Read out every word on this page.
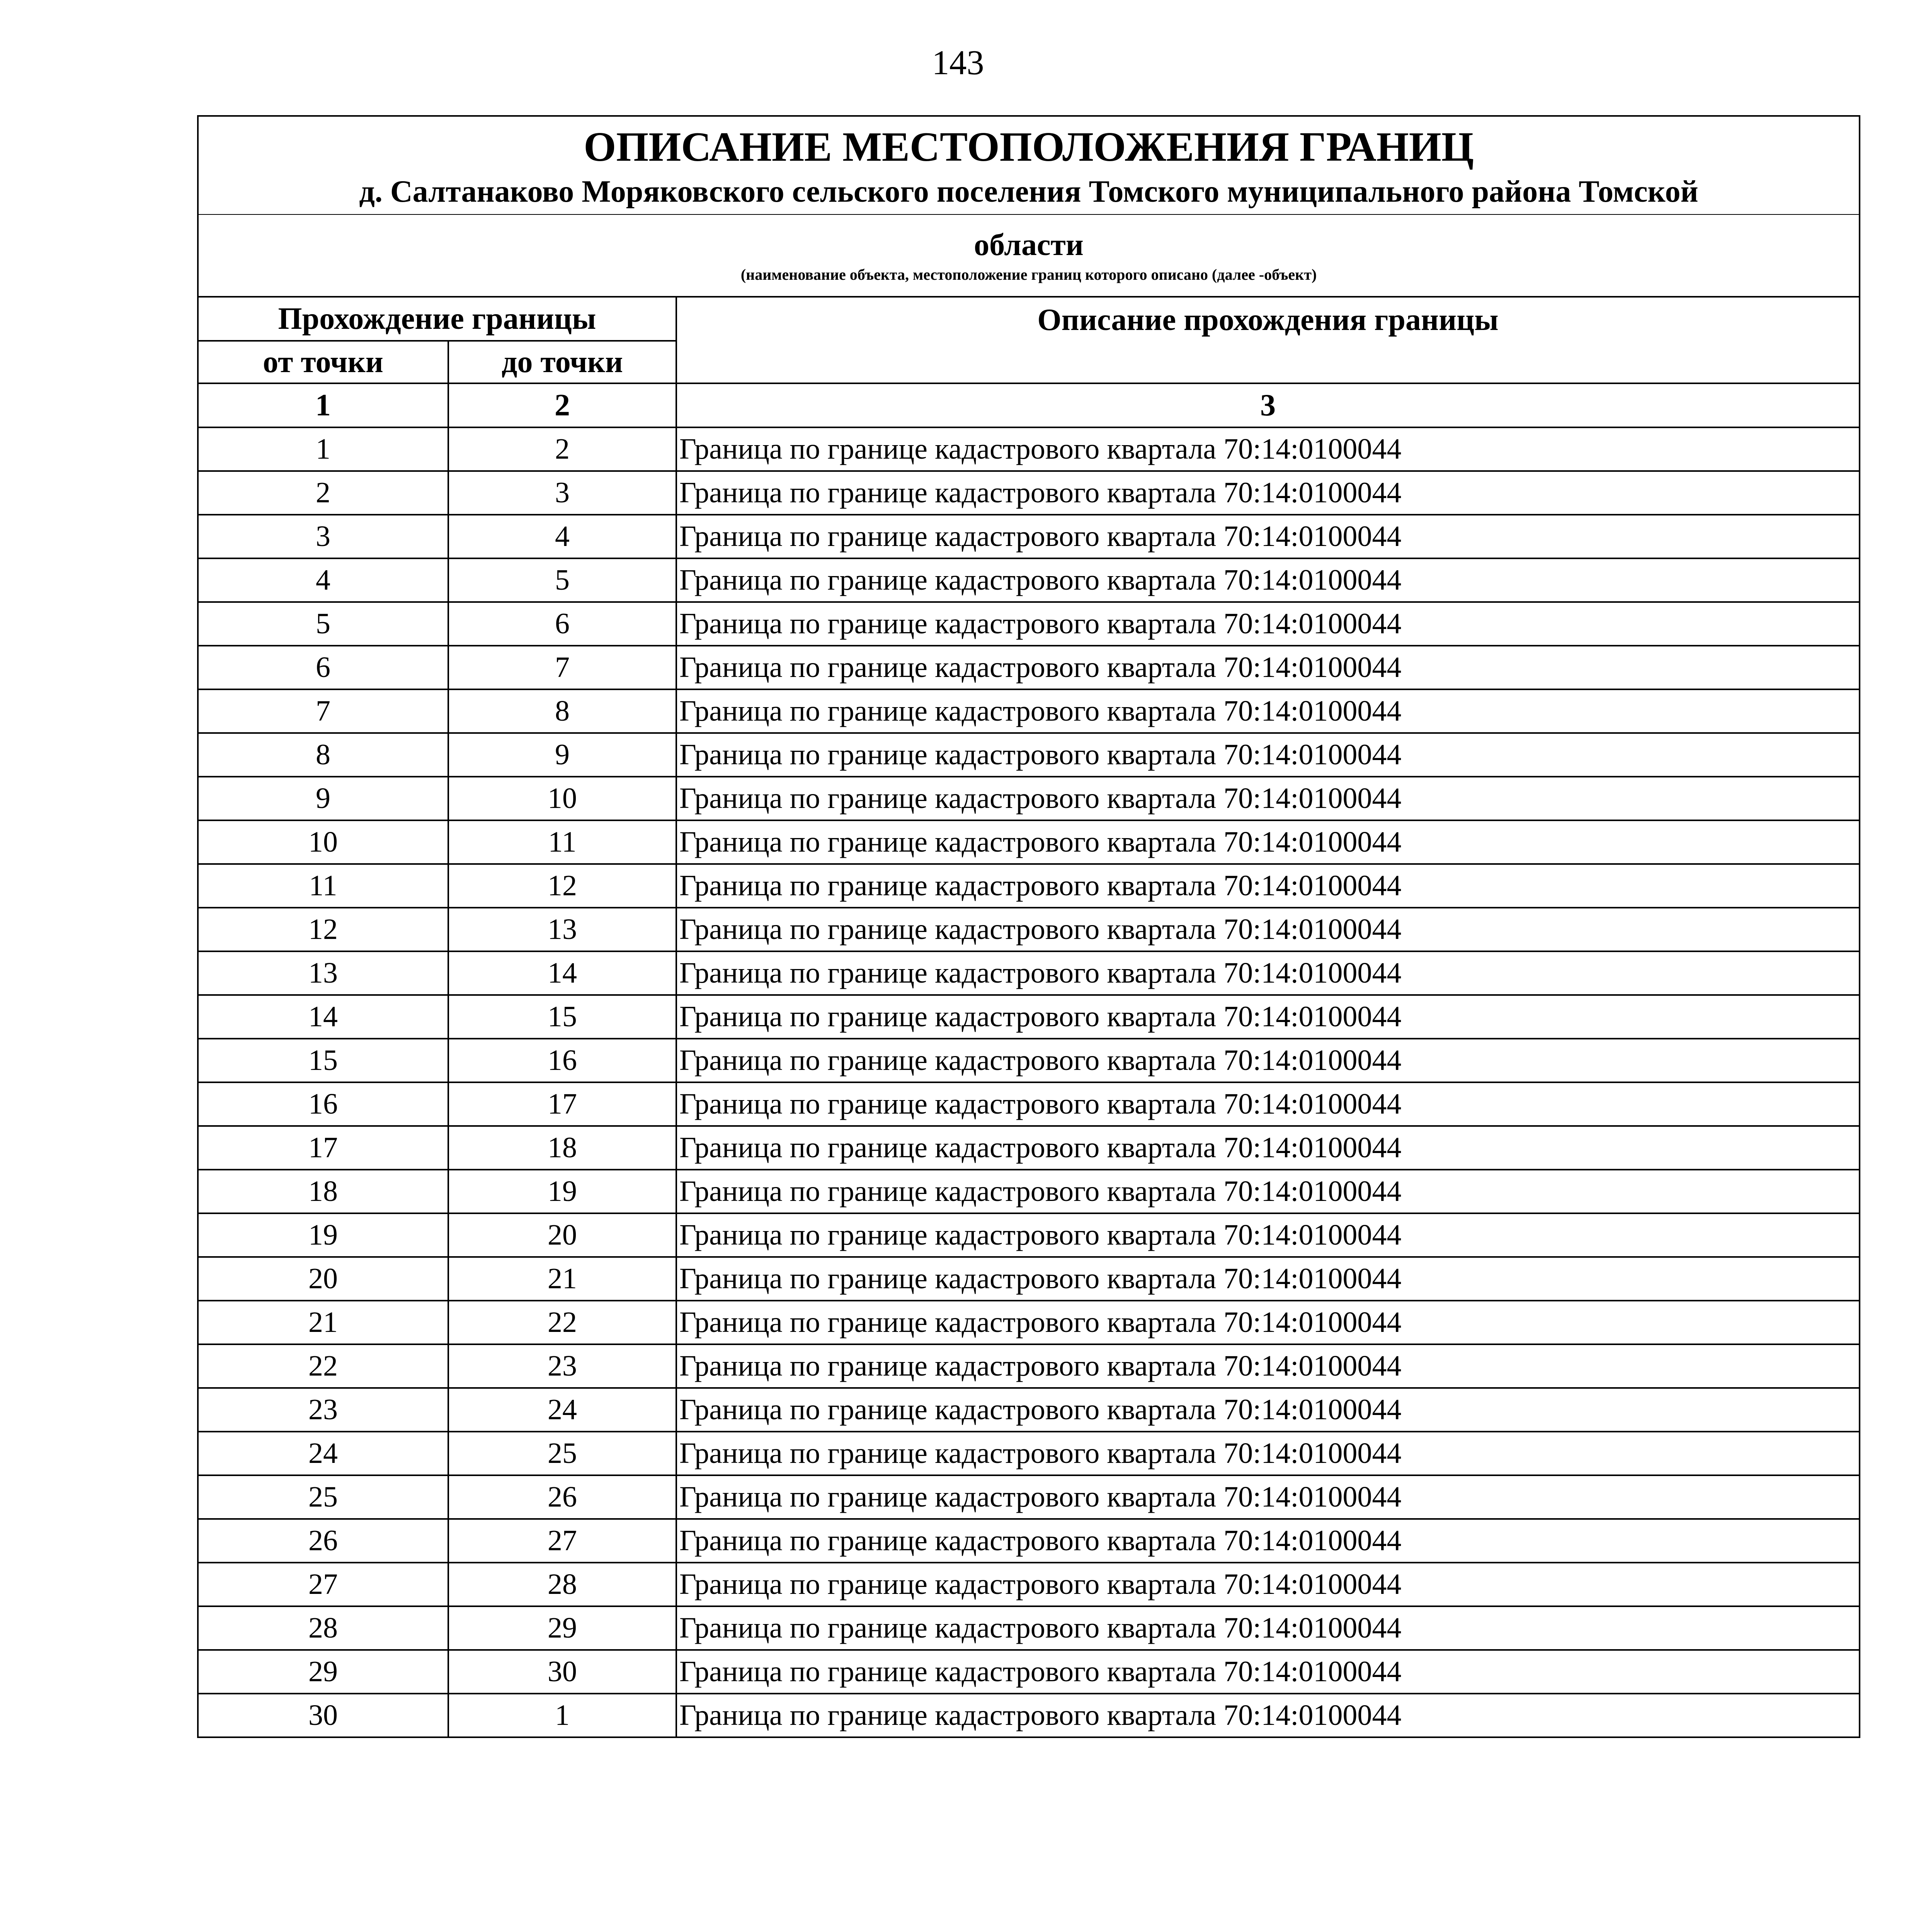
143
ОПИСАНИЕ МЕСТОПОЛОЖЕНИЯ ГРАНИЦ
д. Салтанаково Моряковского сельского поселения Томского муниципального района Томской		

области
(наименование объекта, местоположение границ которого описано (далее -объект)		

Прохождение границы		Описание прохождения границы
от точки	до точки	
1	2	3
1	2	Граница по границе кадастрового квартала 70:14:0100044
2	3	Граница по границе кадастрового квартала 70:14:0100044
3	4	Граница по границе кадастрового квартала 70:14:0100044
4	5	Граница по границе кадастрового квартала 70:14:0100044
5	6	Граница по границе кадастрового квартала 70:14:0100044
6	7	Граница по границе кадастрового квартала 70:14:0100044
7	8	Граница по границе кадастрового квартала 70:14:0100044
8	9	Граница по границе кадастрового квартала 70:14:0100044
9	10	Граница по границе кадастрового квартала 70:14:0100044
10	11	Граница по границе кадастрового квартала 70:14:0100044
11	12	Граница по границе кадастрового квартала 70:14:0100044
12	13	Граница по границе кадастрового квартала 70:14:0100044
13	14	Граница по границе кадастрового квартала 70:14:0100044
14	15	Граница по границе кадастрового квартала 70:14:0100044
15	16	Граница по границе кадастрового квартала 70:14:0100044
16	17	Граница по границе кадастрового квартала 70:14:0100044
17	18	Граница по границе кадастрового квартала 70:14:0100044
18	19	Граница по границе кадастрового квартала 70:14:0100044
19	20	Граница по границе кадастрового квартала 70:14:0100044
20	21	Граница по границе кадастрового квартала 70:14:0100044
21	22	Граница по границе кадастрового квартала 70:14:0100044
22	23	Граница по границе кадастрового квартала 70:14:0100044
23	24	Граница по границе кадастрового квартала 70:14:0100044
24	25	Граница по границе кадастрового квартала 70:14:0100044
25	26	Граница по границе кадастрового квартала 70:14:0100044
26	27	Граница по границе кадастрового квартала 70:14:0100044
27	28	Граница по границе кадастрового квартала 70:14:0100044
28	29	Граница по границе кадастрового квартала 70:14:0100044
29	30	Граница по границе кадастрового квартала 70:14:0100044
30	1	Граница по границе кадастрового квартала 70:14:0100044
